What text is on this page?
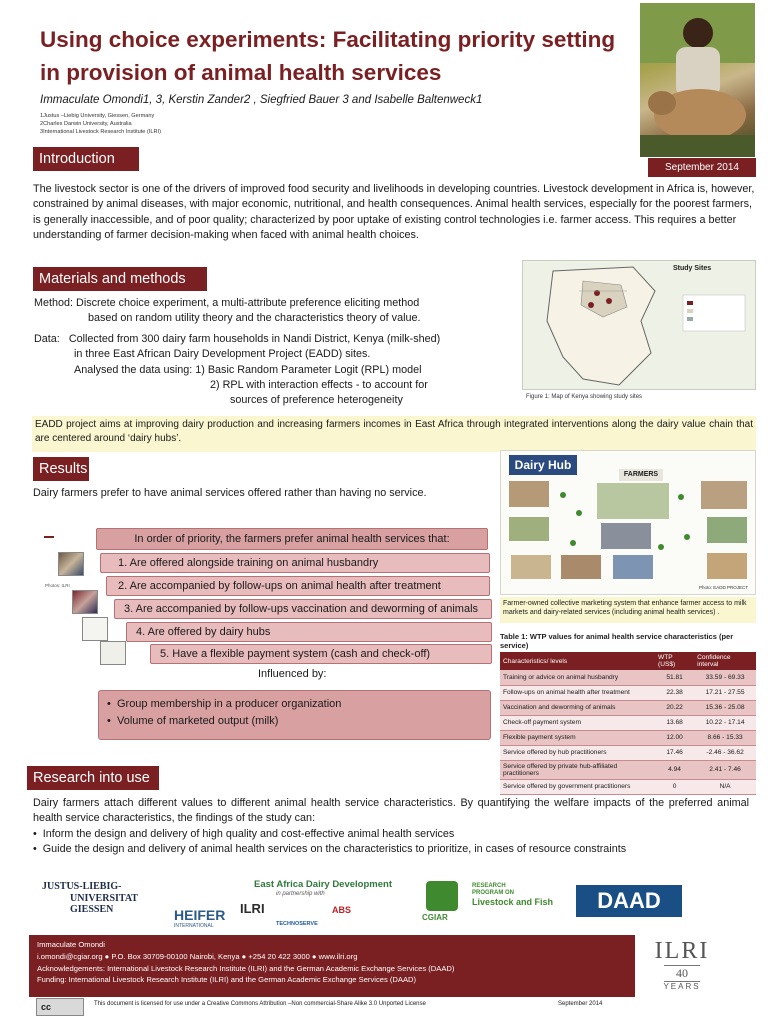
Using choice experiments: Facilitating priority setting in provision of animal health services
Immaculate Omondi1, 3, Kerstin Zander2 , Siegfried Bauer 3 and Isabelle Baltenweck1
1Justus –Liebig University, Giessen, Germany
2Charles Darwin University, Australia
3International Livestock Research Institute (ILRI)
September 2014
Introduction
The livestock sector is one of the drivers of improved food security and livelihoods in developing countries. Livestock development in Africa is, however, constrained by animal diseases, with major economic, nutritional, and health consequences. Animal health services, especially for the poorest farmers, is generally inaccessible, and of poor quality; characterized by poor uptake of existing control technologies i.e. farmer access. This requires a better understanding of farmer decision-making when faced with animal health choices.
Materials and methods
Method: Discrete choice experiment, a multi-attribute preference eliciting method
based on random utility theory and the characteristics theory of value.
Data: Collected from 300 dairy farm households in Nandi District, Kenya (milk-shed)
in three East African Dairy Development Project (EADD) sites.
Analysed the data using: 1) Basic Random Parameter Logit (RPL) model
2) RPL with interaction effects - to account for
sources of preference heterogeneity
Study Sites
Figure 1: Map of Kenya showing study sites
EADD project aims at improving dairy production and increasing farmers incomes in East Africa through integrated interventions along the dairy value chain that are centered around ‘dairy hubs’.
Results
Dairy farmers prefer to have animal services offered rather than having no service.
In order of priority, the farmers prefer animal health services that:
Photos: ILRI
1. Are offered alongside training on animal husbandry
2. Are accompanied by follow-ups on animal health after treatment
3. Are accompanied by follow-ups vaccination and deworming of animals
4. Are offered by dairy hubs
5. Have a flexible payment system (cash and check-off)
Influenced by:
•  Group membership in a producer organization
•  Volume of marketed output (milk)
Dairy Hub
FARMERS
Photo: EADD PROJECT
Farmer-owned collective marketing system that enhance farmer access to milk markets and dairy-related services (including animal health services) .
Table 1: WTP values for animal health service characteristics (per service)
Characteristics/ levels	WTP (US$)	Confidence interval
Training or advice on animal husbandry	51.81	33.59 - 69.33
Follow-ups on animal health after treatment	22.38	17.21 - 27.55
Vaccination and deworming of animals	20.22	15.36 - 25.08
Check-off payment system	13.68	10.22 - 17.14
Flexible payment system	12.00	8.66 - 15.33
Service offered by hub practitioners	17.46	-2.46 - 36.62
Service offered by private hub-affiliated practitioners	4.94	2.41 - 7.46
Service offered by government practitioners	0	N/A
Research into use
Dairy farmers attach different values to different animal health service characteristics. By quantifying the welfare impacts of the preferred animal health service characteristics, the findings of the study can:
•  Inform the design and delivery of high quality and cost-effective animal health services
•  Guide the design and delivery of animal health services on the characteristics to prioritize, in cases of resource constraints
JUSTUS-LIEBIG-
UNIVERSITAT
GIESSEN	HEIFER
INTERNATIONAL
East Africa Dairy Development
in partnership with
ILRI
TECHNOSERVE
ABS
CGIAR
RESEARCH
PROGRAM ON
Livestock and Fish	DAAD
Immaculate Omondi
i.omondi@cgiar.org ● P.O. Box 30709-00100 Nairobi, Kenya ● +254 20 422 3000 ● www.ilri.org
Acknowledgements: International Livestock Research Institute (ILRI) and the German Academic Exchange Services (DAAD)
Funding: International Livestock Research Institute (ILRI) and the German Academic Exchange Services (DAAD)
ILRI
40
YEARS
cc	This document is licensed for use under a Creative Commons Attribution –Non commercial-Share Alike 3.0 Unported License	September 2014
